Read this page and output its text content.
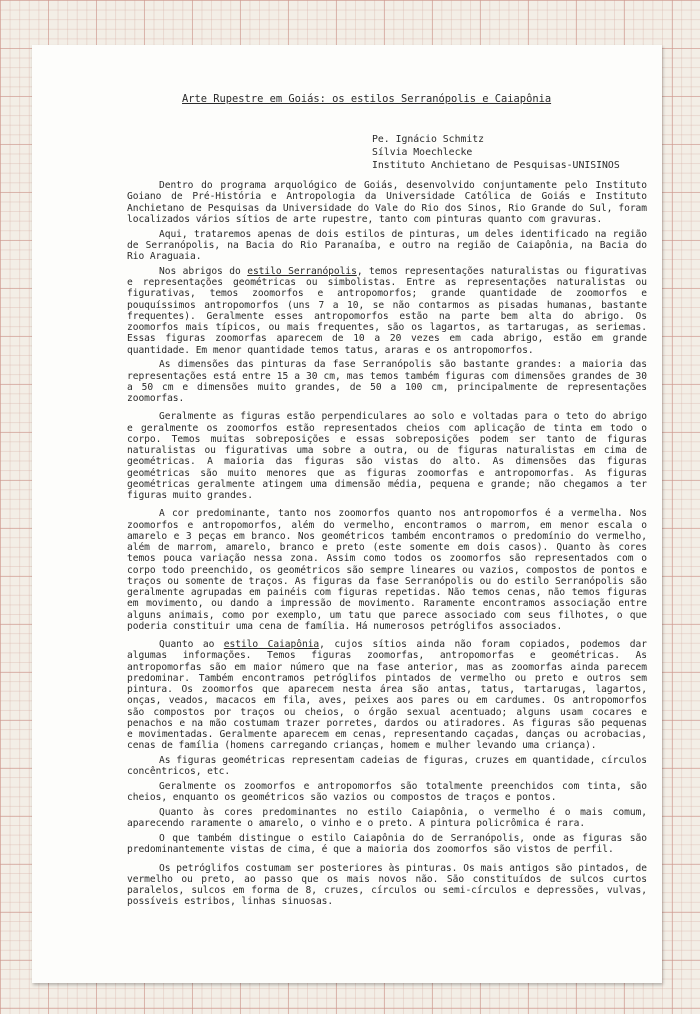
Arte Rupestre em Goiás: os estilos Serranópolis e Caiapônia
Pe. Ignácio Schmitz
Sílvia Moechlecke
Instituto Anchietano de Pesquisas-UNISINOS

Dentro do programa arquológico de Goiás, desenvolvido conjuntamente pelo Instituto Goiano de Pré-História e Antropologia da Universidade Católica de Goiás e Instituto Anchietano de Pesquisas da Universidade do Vale do Rio dos Sinos, Rio Grande do Sul, foram localizados vários sítios de arte rupestre, tanto com pinturas quanto com gravuras.

Aqui, trataremos apenas de dois estilos de pinturas, um deles identificado na região de Serranópolis, na Bacia do Rio Paranaíba, e outro na região de Caiapônia, na Bacia do Rio Araguaia.

Nos abrigos do estilo Serranópolis, temos representações naturalistas ou figurativas e representações geométricas ou simbolistas. Entre as representações naturalistas ou figurativas, temos zoomorfos e antropomorfos; grande quantidade de zoomorfos e pouquíssimos antropomorfos (uns 7 a 10, se não contarmos as pisadas humanas, bastante frequentes). Geralmente esses antropomorfos estão na parte bem alta do abrigo. Os zoomorfos mais típicos, ou mais frequentes, são os lagartos, as tartarugas, as seriemas. Essas figuras zoomorfas aparecem de 10 a 20 vezes em cada abrigo, estão em grande quantidade. Em menor quantidade temos tatus, araras e os antropomorfos.

As dimensões das pinturas da fase Serranópolis são bastante grandes: a maioria das representações está entre 15 a 30 cm, mas temos também figuras com dimensões grandes de 30 a 50 cm e dimensões muito grandes, de 50 a 100 cm, principalmente de representações zoomorfas.

Geralmente as figuras estão perpendiculares ao solo e voltadas para o teto do abrigo e geralmente os zoomorfos estão representados cheios com aplicação de tinta em todo o corpo. Temos muitas sobreposições e essas sobreposições podem ser tanto de figuras naturalistas ou figurativas uma sobre a outra, ou de figuras naturalistas em cima de geométricas. A maioria das figuras são vistas do alto. As dimensões das figuras geométricas são muito menores que as figuras zoomorfas e antropomorfas. As figuras geométricas geralmente atingem uma dimensão média, pequena e grande; não chegamos a ter figuras muito grandes.

A cor predominante, tanto nos zoomorfos quanto nos antropomorfos é a vermelha. Nos zoomorfos e antropomorfos, além do vermelho, encontramos o marrom, em menor escala o amarelo e 3 peças em branco. Nos geométricos também encontramos o predomínio do vermelho, além de marrom, amarelo, branco e preto (este somente em dois casos). Quanto às cores temos pouca variação nessa zona. Assim como todos os zoomorfos são representados com o corpo todo preenchido, os geométricos são sempre lineares ou vazios, compostos de pontos e traços ou somente de traços. As figuras da fase Serranópolis ou do estilo Serranópolis são geralmente agrupadas em painéis com figuras repetidas. Não temos cenas, não temos figuras em movimento, ou dando a impressão de movimento. Raramente encontramos associação entre alguns animais, como por exemplo, um tatu que parece associado com seus filhotes, o que poderia constituir uma cena de família. Há numerosos petróglifos associados.

Quanto ao estilo Caiapônia, cujos sítios ainda não foram copiados, podemos dar algumas informações. Temos figuras zoomorfas, antropomorfas e geométricas. As antropomorfas são em maior número que na fase anterior, mas as zoomorfas ainda parecem predominar. Também encontramos petróglifos pintados de vermelho ou preto e outros sem pintura. Os zoomorfos que aparecem nesta área são antas, tatus, tartarugas, lagartos, onças, veados, macacos em fila, aves, peixes aos pares ou em cardumes. Os antropomorfos são compostos por traços ou cheios, o órgão sexual acentuado; alguns usam cocares e penachos e na mão costumam trazer porretes, dardos ou atiradores. As figuras são pequenas e movimentadas. Geralmente aparecem em cenas, representando caçadas, danças ou acrobacias, cenas de família (homens carregando crianças, homem e mulher levando uma criança).

As figuras geométricas representam cadeias de figuras, cruzes em quantidade, círculos concêntricos, etc.

Geralmente os zoomorfos e antropomorfos são totalmente preenchidos com tinta, são cheios, enquanto os geométricos são vazios ou compostos de traços e pontos.

Quanto às cores predominantes no estilo Caiapônia, o vermelho é o mais comum, aparecendo raramente o amarelo, o vinho e o preto. A pintura policrômica é rara.

O que também distingue o estilo Caiapônia do de Serranópolis, onde as figuras são predominantemente vistas de cima, é que a maioria dos zoomorfos são vistos de perfil.

Os petróglifos costumam ser posteriores às pinturas. Os mais antigos são pintados, de vermelho ou preto, ao passo que os mais novos não. São constituídos de sulcos curtos paralelos, sulcos em forma de 8, cruzes, círculos ou semi-círculos e depressões, vulvas, possíveis estribos, linhas sinuosas.
